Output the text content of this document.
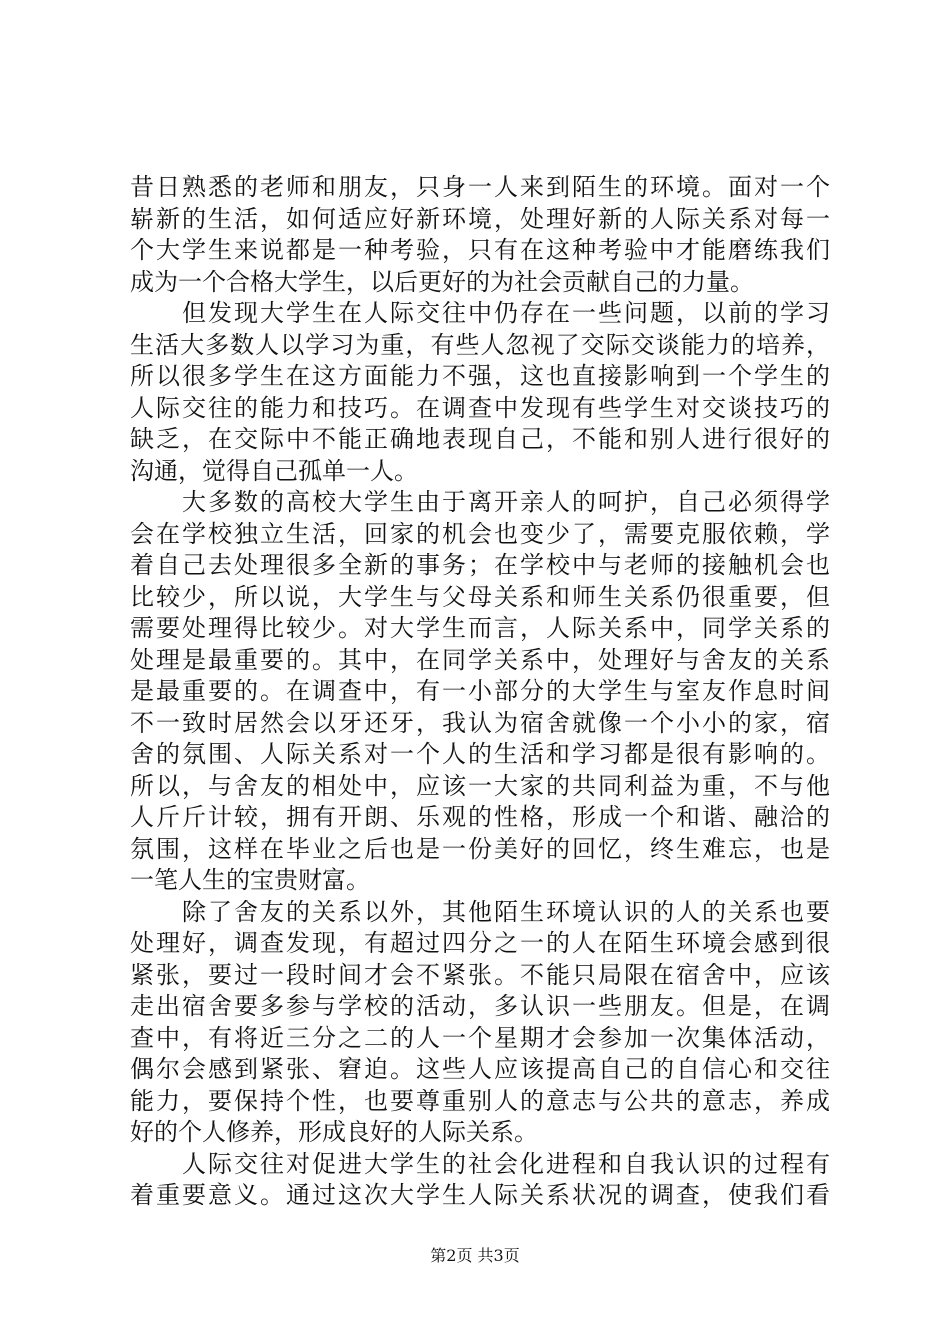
昔日熟悉的老师和朋友，只身一人来到陌生的环境。面对一个
崭新的生活，如何适应好新环境，处理好新的人际关系对每一
个大学生来说都是一种考验，只有在这种考验中才能磨练我们
成为一个合格大学生，以后更好的为社会贡献自己的力量。
但发现大学生在人际交往中仍存在一些问题，以前的学习
生活大多数人以学习为重，有些人忽视了交际交谈能力的培养，
所以很多学生在这方面能力不强，这也直接影响到一个学生的
人际交往的能力和技巧。在调查中发现有些学生对交谈技巧的
缺乏，在交际中不能正确地表现自己，不能和别人进行很好的
沟通，觉得自己孤单一人。
大多数的高校大学生由于离开亲人的呵护，自己必须得学
会在学校独立生活，回家的机会也变少了，需要克服依赖，学
着自己去处理很多全新的事务；在学校中与老师的接触机会也
比较少，所以说，大学生与父母关系和师生关系仍很重要，但
需要处理得比较少。对大学生而言，人际关系中，同学关系的
处理是最重要的。其中，在同学关系中，处理好与舍友的关系
是最重要的。在调查中，有一小部分的大学生与室友作息时间
不一致时居然会以牙还牙，我认为宿舍就像一个小小的家，宿
舍的氛围、人际关系对一个人的生活和学习都是很有影响的。
所以，与舍友的相处中，应该一大家的共同利益为重，不与他
人斤斤计较，拥有开朗、乐观的性格，形成一个和谐、融洽的
氛围，这样在毕业之后也是一份美好的回忆，终生难忘，也是
一笔人生的宝贵财富。
除了舍友的关系以外，其他陌生环境认识的人的关系也要
处理好，调查发现，有超过四分之一的人在陌生环境会感到很
紧张，要过一段时间才会不紧张。不能只局限在宿舍中，应该
走出宿舍要多参与学校的活动，多认识一些朋友。但是，在调
查中，有将近三分之二的人一个星期才会参加一次集体活动，
偶尔会感到紧张、窘迫。这些人应该提高自己的自信心和交往
能力，要保持个性，也要尊重别人的意志与公共的意志，养成
好的个人修养，形成良好的人际关系。
人际交往对促进大学生的社会化进程和自我认识的过程有
着重要意义。通过这次大学生人际关系状况的调查，使我们看
第2页 共3页
